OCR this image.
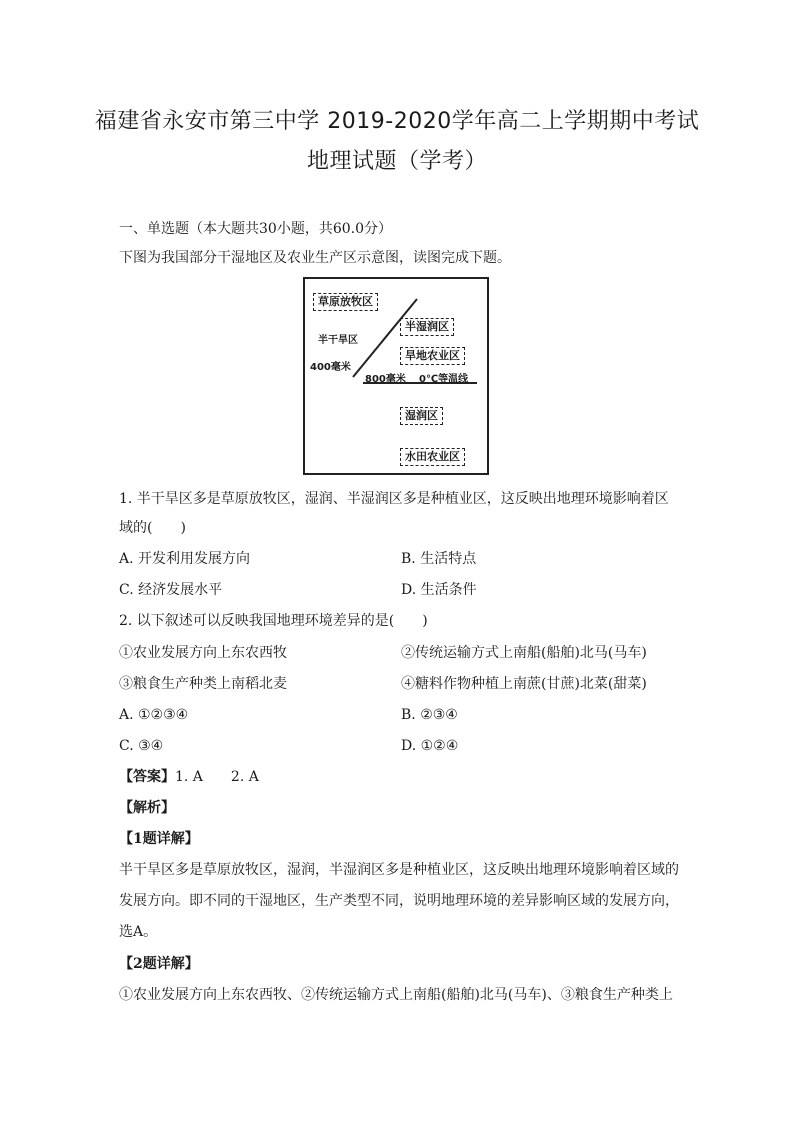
福建省永安市第三中学 2019-2020学年高二上学期期中考试
地理试题（学考）
一、单选题（本大题共30小题，共60.0分）
下图为我国部分干湿地区及农业生产区示意图，读图完成下题。
草原放牧区
半湿润区
旱地农业区
湿润区
水田农业区
半干旱区
400毫米
800毫米 0℃等温线
1. 半干旱区多是草原放牧区，湿润、半湿润区多是种植业区，这反映出地理环境影响着区
域的(　　)
A. 开发利用发展方向	B. 生活特点
C. 经济发展水平	D. 生活条件
2. 以下叙述可以反映我国地理环境差异的是(　　)
①农业发展方向上东农西牧	②传统运输方式上南船(船舶)北马(马车)
③粮食生产种类上南稻北麦	④糖料作物种植上南蔗(甘蔗)北菜(甜菜)
A. ①②③④	B. ②③④
C. ③④	D. ①②④
【答案】1. A　　2. A
【解析】
【1题详解】
半干旱区多是草原放牧区，湿润，半湿润区多是种植业区，这反映出地理环境影响着区域的
发展方向。即不同的干湿地区，生产类型不同，说明地理环境的差异影响区域的发展方向，
选A。
【2题详解】
①农业发展方向上东农西牧、②传统运输方式上南船(船舶)北马(马车)、③粮食生产种类上
